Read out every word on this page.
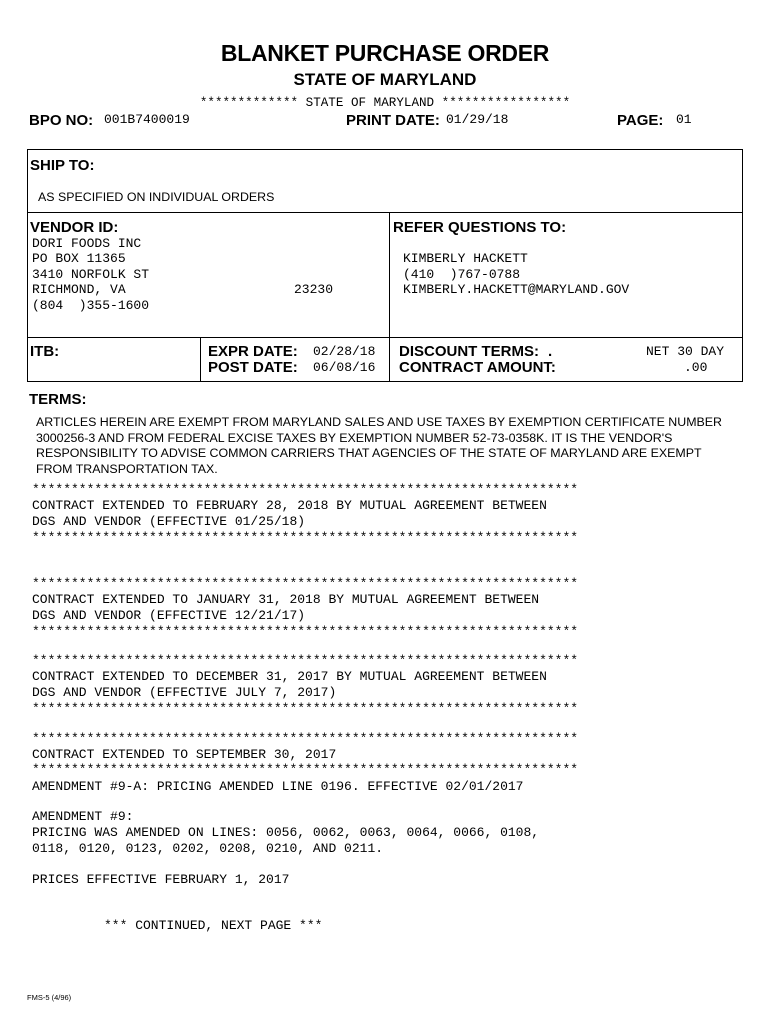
BLANKET PURCHASE ORDER
STATE OF MARYLAND
************* STATE OF MARYLAND *****************
BPO NO: 001B7400019	PRINT DATE: 01/29/18	PAGE: 01
SHIP TO:
AS SPECIFIED ON INDIVIDUAL ORDERS
VENDOR ID:
DORI FOODS INC
PO BOX 11365
3410 NORFOLK ST
RICHMOND, VA	23230
(804  )355-1600
REFER QUESTIONS TO:
KIMBERLY HACKETT
(410  )767-0788
KIMBERLY.HACKETT@MARYLAND.GOV
ITB:	EXPR DATE: 02/28/18
POST DATE: 06/08/16
DISCOUNT TERMS: .	NET 30 DAY
CONTRACT AMOUNT:	.00
TERMS:
ARTICLES HEREIN ARE EXEMPT FROM MARYLAND SALES AND USE TAXES BY EXEMPTION CERTIFICATE NUMBER 3000256-3 AND FROM FEDERAL EXCISE TAXES BY EXEMPTION NUMBER 52-73-0358K. IT IS THE VENDOR'S RESPONSIBILITY TO ADVISE COMMON CARRIERS THAT AGENCIES OF THE STATE OF MARYLAND ARE EXEMPT FROM TRANSPORTATION TAX.
**********************************************************************
CONTRACT EXTENDED TO FEBRUARY 28, 2018 BY MUTUAL AGREEMENT BETWEEN
DGS AND VENDOR (EFFECTIVE 01/25/18)
**********************************************************************
**********************************************************************
CONTRACT EXTENDED TO JANUARY 31, 2018 BY MUTUAL AGREEMENT BETWEEN
DGS AND VENDOR (EFFECTIVE 12/21/17)
**********************************************************************
**********************************************************************
CONTRACT EXTENDED TO DECEMBER 31, 2017 BY MUTUAL AGREEMENT BETWEEN
DGS AND VENDOR (EFFECTIVE JULY 7, 2017)
**********************************************************************
**********************************************************************
CONTRACT EXTENDED TO SEPTEMBER 30, 2017
**********************************************************************
AMENDMENT #9-A: PRICING AMENDED LINE 0196. EFFECTIVE 02/01/2017
AMENDMENT #9:
PRICING WAS AMENDED ON LINES: 0056, 0062, 0063, 0064, 0066, 0108,
0118, 0120, 0123, 0202, 0208, 0210, AND 0211.
PRICES EFFECTIVE FEBRUARY 1, 2017
*** CONTINUED, NEXT PAGE ***
FMS-5 (4/96)
